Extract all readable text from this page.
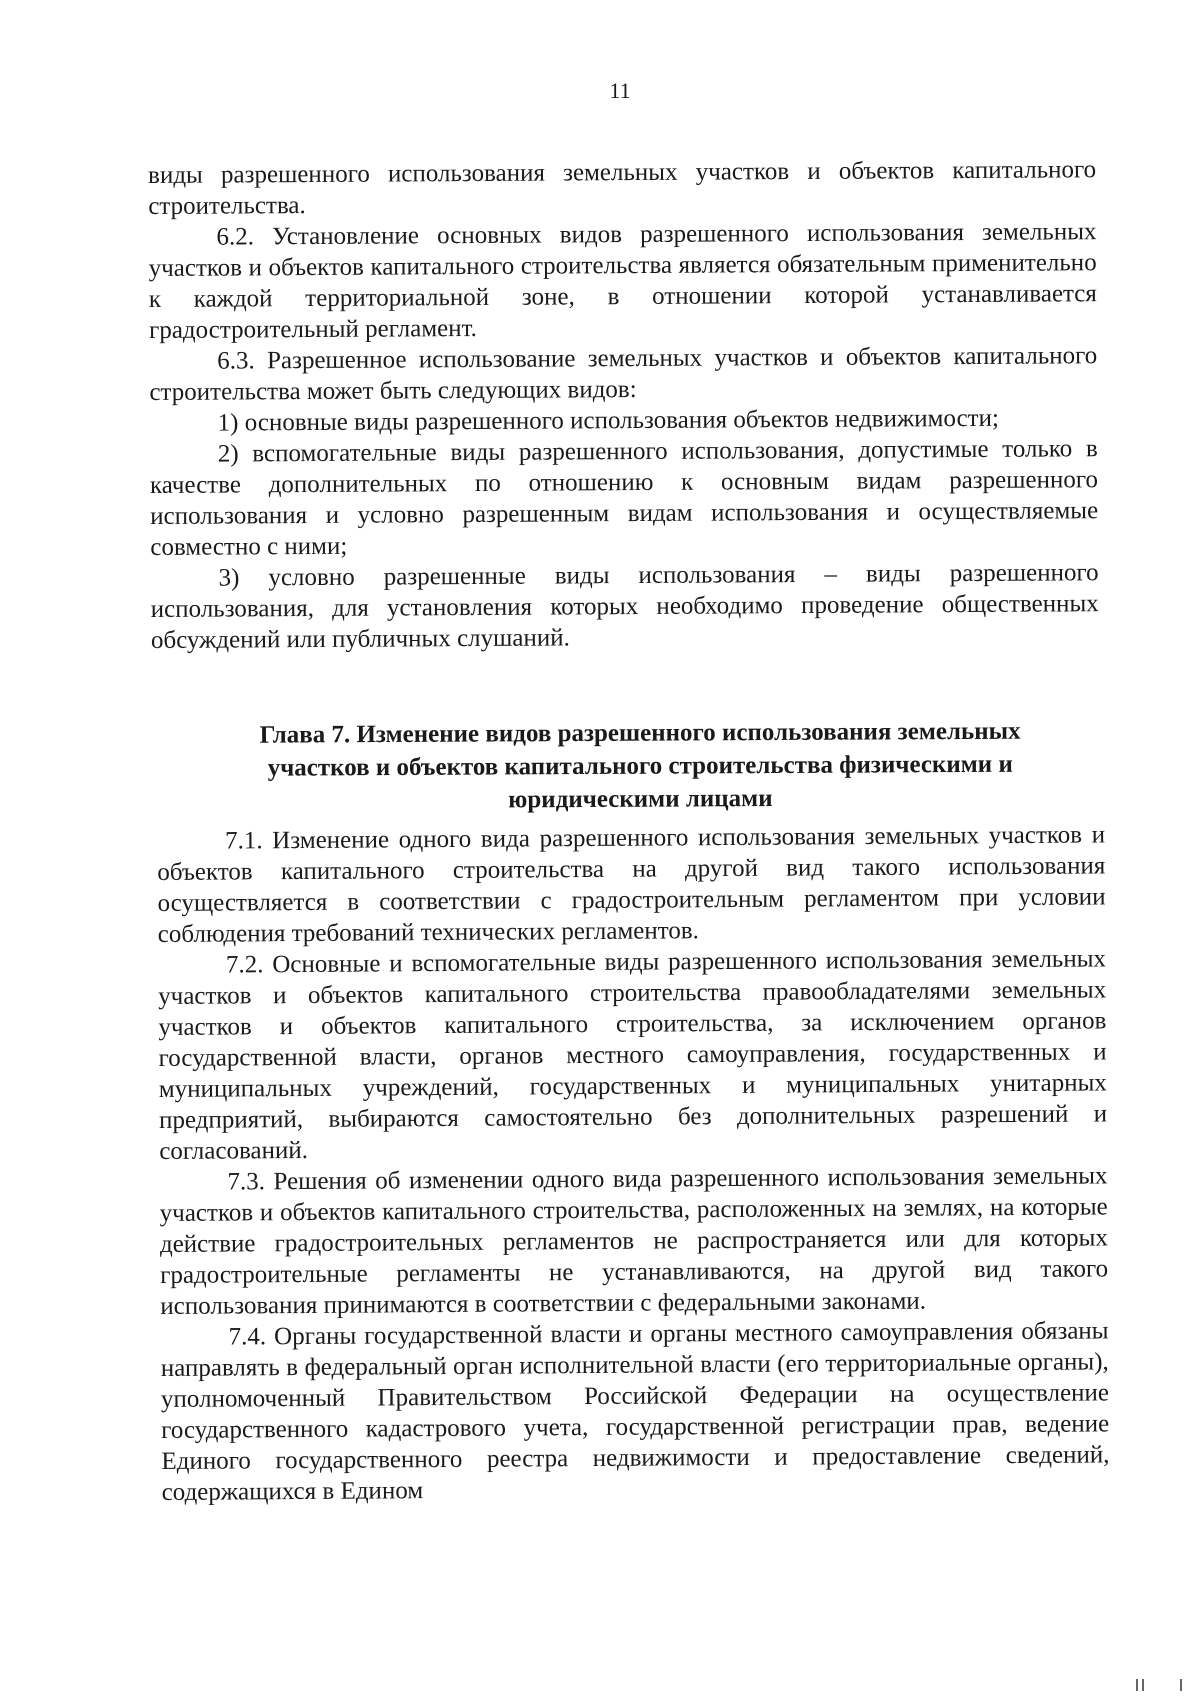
11

виды разрешенного использования земельных участков и объектов капитального строительства.

6.2. Установление основных видов разрешенного использования земельных участков и объектов капитального строительства является обязательным применительно к каждой территориальной зоне, в отношении которой устанавливается градостроительный регламент.

6.3. Разрешенное использование земельных участков и объектов капитального строительства может быть следующих видов:

1) основные виды разрешенного использования объектов недвижимости;

2) вспомогательные виды разрешенного использования, допустимые только в качестве дополнительных по отношению к основным видам разрешенного использования и условно разрешенным видам использования и осуществляемые совместно с ними;

3) условно разрешенные виды использования – виды разрешенного использования, для установления которых необходимо проведение общественных обсуждений или публичных слушаний.

Глава 7. Изменение видов разрешенного использования земельных
участков и объектов капитального строительства физическими и
юридическими лицами

7.1. Изменение одного вида разрешенного использования земельных участков и объектов капитального строительства на другой вид такого использования осуществляется в соответствии с градостроительным регламентом при условии соблюдения требований технических регламентов.

7.2. Основные и вспомогательные виды разрешенного использования земельных участков и объектов капитального строительства правообладателями земельных участков и объектов капитального строительства, за исключением органов государственной власти, органов местного самоуправления, государственных и муниципальных учреждений, государственных и муниципальных унитарных предприятий, выбираются самостоятельно без дополнительных разрешений и согласований.

7.3. Решения об изменении одного вида разрешенного использования земельных участков и объектов капитального строительства, расположенных на землях, на которые действие градостроительных регламентов не распространяется или для которых градостроительные регламенты не устанавливаются, на другой вид такого использования принимаются в соответствии с федеральными законами.

7.4. Органы государственной власти и органы местного самоуправления обязаны направлять в федеральный орган исполнительной власти (его территориальные органы), уполномоченный Правительством Российской Федерации на осуществление государственного кадастрового учета, государственной регистрации прав, ведение Единого государственного реестра недвижимости и предоставление сведений, содержащихся в Едином
